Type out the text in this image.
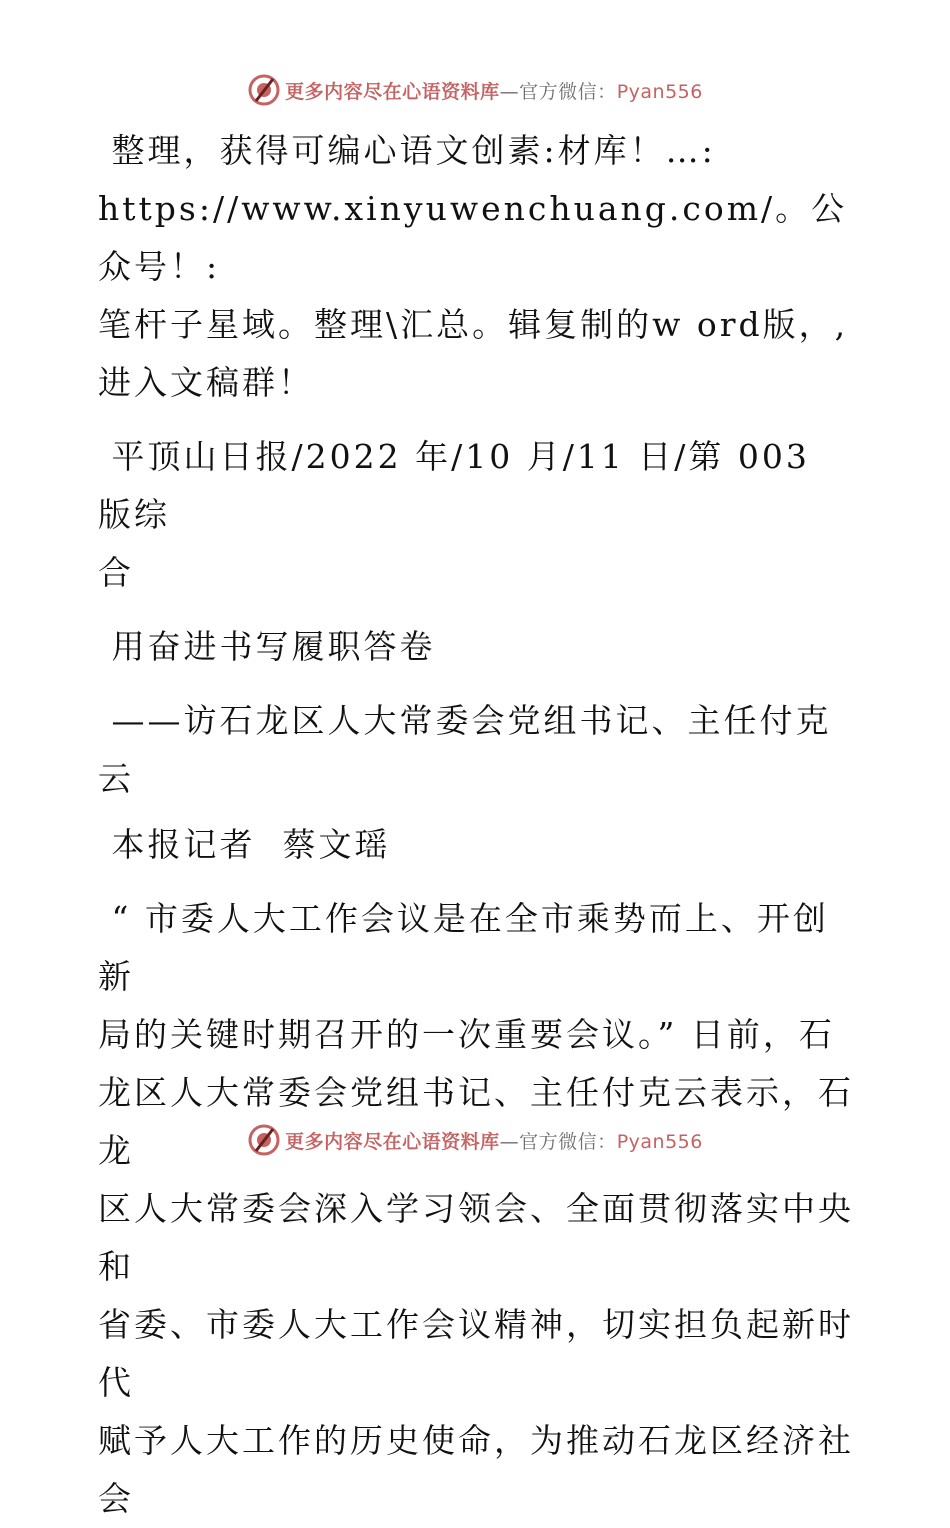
更多内容尽在心语资料库—官方微信：Pyan556

整理，获得可编心语文创素:材库！…:

https://www.xinyuwenchuang.com/。公众号！:

笔杆子星域。整理\汇总。辑复制的w ord版，,

进入文稿群！

平顶山日报/2022 年/10 月/11 日/第 003 版综

合

用奋进书写履职答卷

——访石龙区人大常委会党组书记、主任付克云

本报记者  蔡文瑶

“ 市委人大工作会议是在全市乘势而上、开创新

局的关键时期召开的一次重要会议。” 日前，石

龙区人大常委会党组书记、主任付克云表示，石龙

区人大常委会深入学习领会、全面贯彻落实中央和

省委、市委人大工作会议精神，切实担负起新时代

赋予人大工作的历史使命，为推动石龙区经济社会

更多内容尽在心语资料库—官方微信：Pyan556
